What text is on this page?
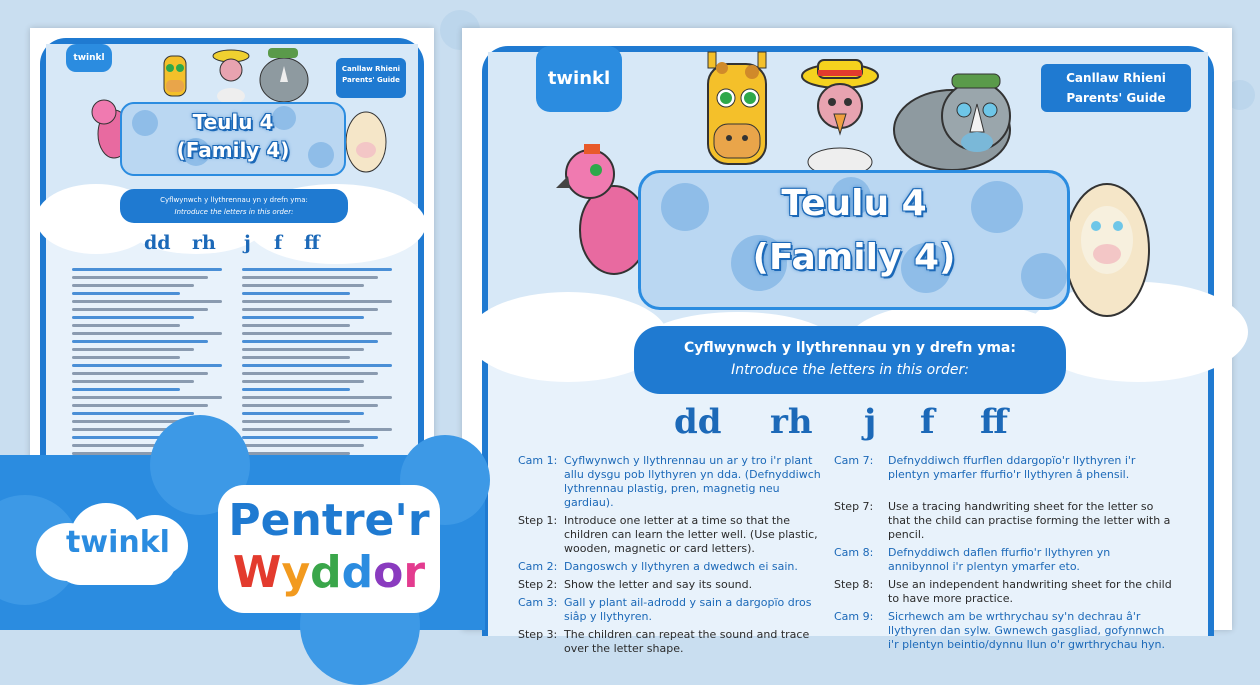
twinkl
Canllaw Rhieni
Parents' Guide
Teulu 4
(Family 4)
Cyflwynwch y llythrennau yn y drefn yma:
Introduce the letters in this order:
dd rh j f ff
twinkl	Canllaw Rhieni
Parents' Guide
Teulu 4
(Family 4)
Cyflwynwch y llythrennau yn y drefn yma:
Introduce the letters in this order:
dd rh j f ff
Cam 1: Cyflwynwch y llythrennau un ar y tro i'r plant allu dysgu pob llythyren yn dda. (Defnyddiwch lythrennau plastig, pren, magnetig neu gardiau).
Step 1: Introduce one letter at a time so that the children can learn the letter well. (Use plastic, wooden, magnetic or card letters).
Cam 2: Dangoswch y llythyren a dwedwch ei sain.
Step 2: Show the letter and say its sound.
Cam 3: Gall y plant ail-adrodd y sain a dargopïo dros siâp y llythyren.
Step 3: The children can repeat the sound and trace over the letter shape.
Cam 7: Defnyddiwch ffurflen ddargopïo'r llythyren i'r plentyn ymarfer ffurfio'r llythyren â phensil.
Step 7: Use a tracing handwriting sheet for the letter so that the child can practise forming the letter with a pencil.
Cam 8: Defnyddiwch daflen ffurfio'r llythyren yn annibynnol i'r plentyn ymarfer eto.
Step 8: Use an independent handwriting sheet for the child to have more practice.
Cam 9: Sicrhewch am be wrthrychau sy'n dechrau â'r llythyren dan sylw. Gwnewch gasgliad, gofynnwch i'r plentyn beintio/dynnu llun o'r gwrthrychau hyn.
twinkl Pentre'r
Wyddor
